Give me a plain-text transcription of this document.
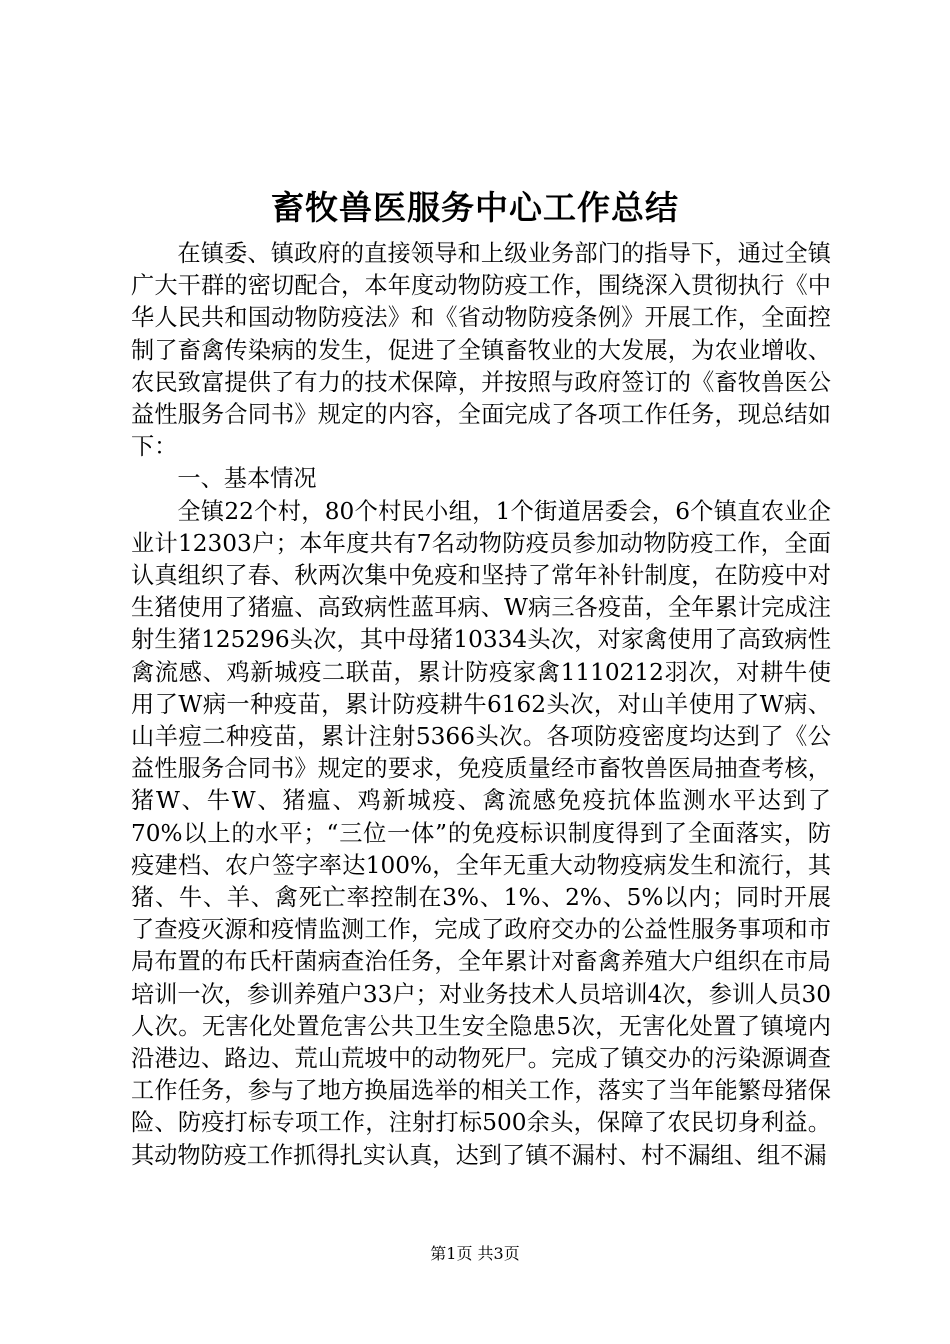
畜牧兽医服务中心工作总结

在镇委、镇政府的直接领导和上级业务部门的指导下，通过全镇广大干群的密切配合，本年度动物防疫工作，围绕深入贯彻执行《中华人民共和国动物防疫法》和《省动物防疫条例》开展工作，全面控制了畜禽传染病的发生，促进了全镇畜牧业的大发展，为农业增收、农民致富提供了有力的技术保障，并按照与政府签订的《畜牧兽医公益性服务合同书》规定的内容，全面完成了各项工作任务，现总结如下：

一、基本情况

全镇22个村，80个村民小组，1个街道居委会，6个镇直农业企业计12303户；本年度共有7名动物防疫员参加动物防疫工作，全面认真组织了春、秋两次集中免疫和坚持了常年补针制度，在防疫中对生猪使用了猪瘟、高致病性蓝耳病、W病三各疫苗，全年累计完成注射生猪125296头次，其中母猪10334头次，对家禽使用了高致病性禽流感、鸡新城疫二联苗，累计防疫家禽1110212羽次，对耕牛使用了W病一种疫苗，累计防疫耕牛6162头次，对山羊使用了W病、山羊痘二种疫苗，累计注射5366头次。各项防疫密度均达到了《公益性服务合同书》规定的要求，免疫质量经市畜牧兽医局抽查考核，猪W、牛W、猪瘟、鸡新城疫、禽流感免疫抗体监测水平达到了70%以上的水平；“三位一体”的免疫标识制度得到了全面落实，防疫建档、农户签字率达100%，全年无重大动物疫病发生和流行，其猪、牛、羊、禽死亡率控制在3%、1%、2%、5%以内；同时开展了查疫灭源和疫情监测工作，完成了政府交办的公益性服务事项和市局布置的布氏杆菌病查治任务，全年累计对畜禽养殖大户组织在市局培训一次，参训养殖户33户；对业务技术人员培训4次，参训人员30人次。无害化处置危害公共卫生安全隐患5次，无害化处置了镇境内沿港边、路边、荒山荒坡中的动物死尸。完成了镇交办的污染源调查工作任务，参与了地方换届选举的相关工作，落实了当年能繁母猪保险、防疫打标专项工作，注射打标500余头，保障了农民切身利益。其动物防疫工作抓得扎实认真，达到了镇不漏村、村不漏组、组不漏

第1页 共3页
